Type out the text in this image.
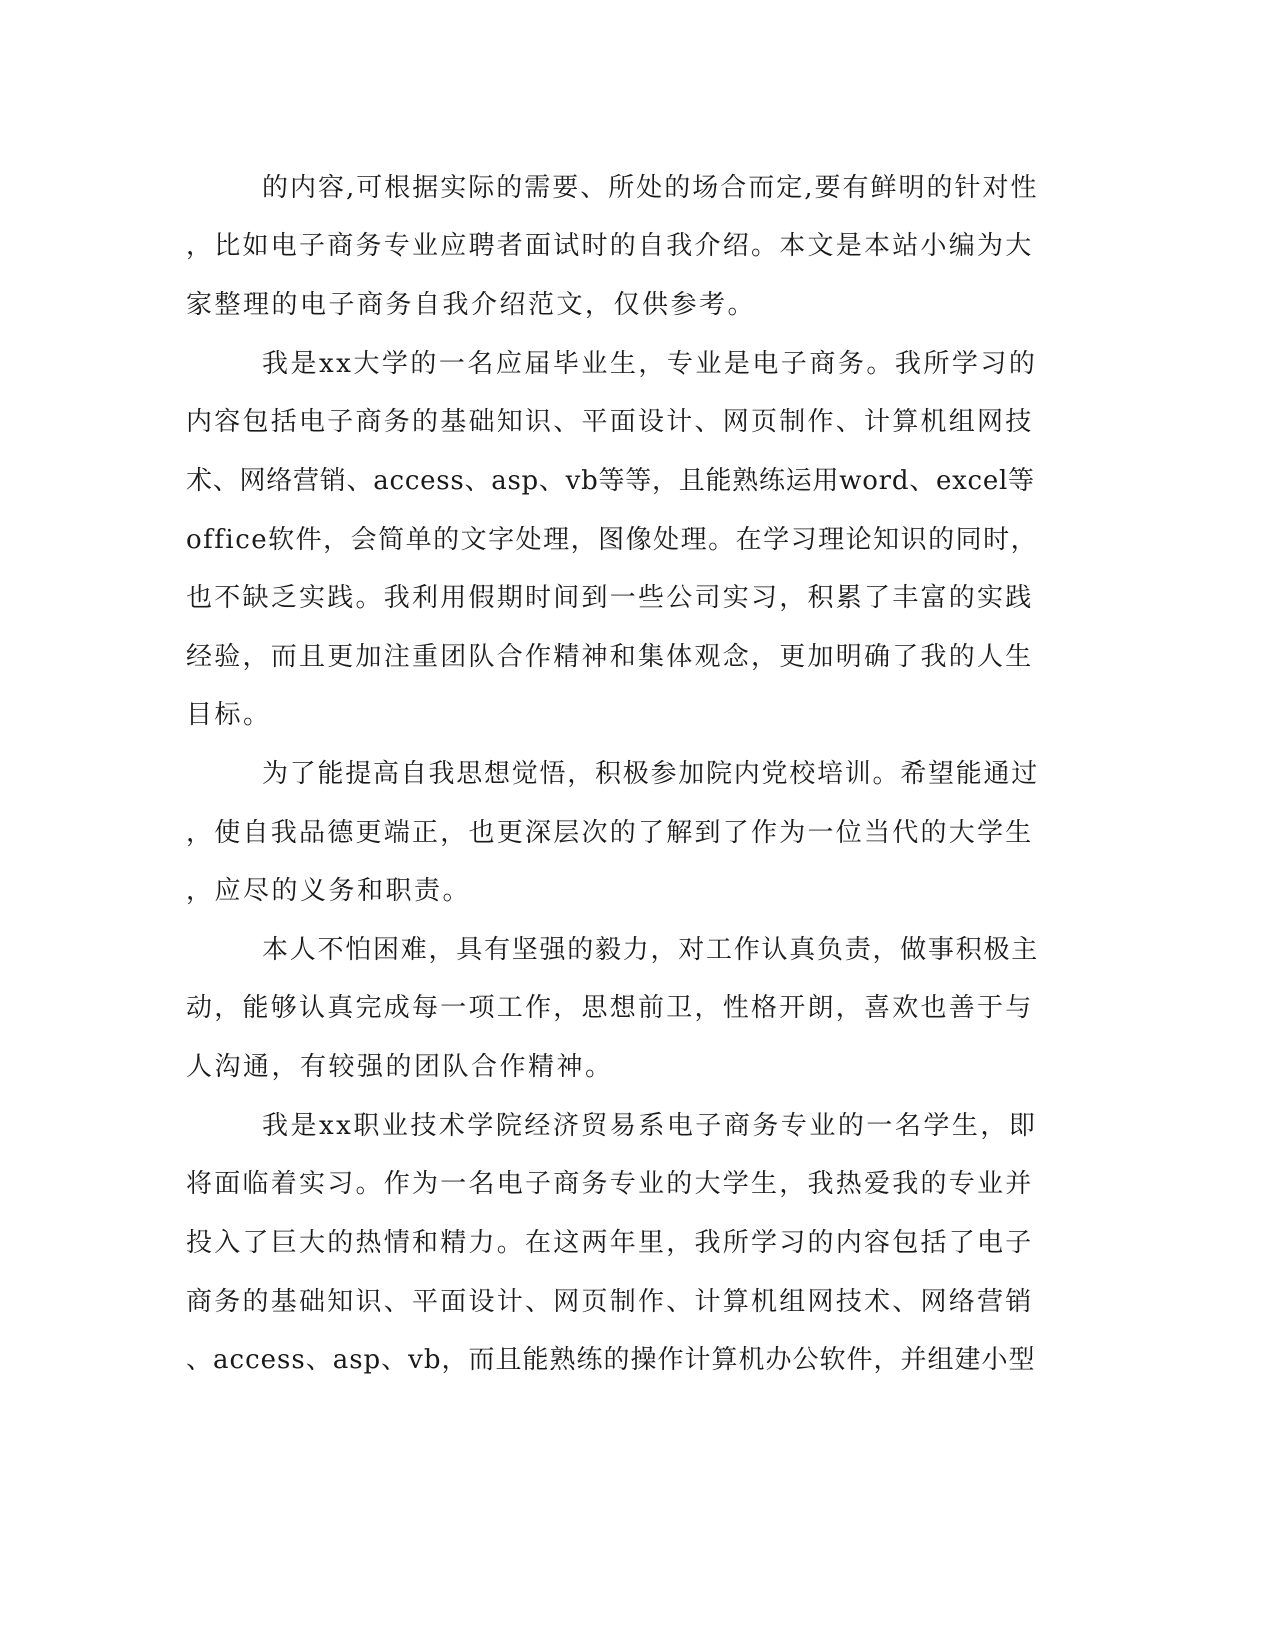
的内容,可根据实际的需要、所处的场合而定,要有鲜明的针对性
，比如电子商务专业应聘者面试时的自我介绍。本文是本站小编为大
家整理的电子商务自我介绍范文，仅供参考。
我是xx大学的一名应届毕业生，专业是电子商务。我所学习的
内容包括电子商务的基础知识、平面设计、网页制作、计算机组网技
术、网络营销、access、asp、vb等等，且能熟练运用word、excel等
office软件，会简单的文字处理，图像处理。在学习理论知识的同时，
也不缺乏实践。我利用假期时间到一些公司实习，积累了丰富的实践
经验，而且更加注重团队合作精神和集体观念，更加明确了我的人生
目标。
为了能提高自我思想觉悟，积极参加院内党校培训。希望能通过
，使自我品德更端正，也更深层次的了解到了作为一位当代的大学生
，应尽的义务和职责。
本人不怕困难，具有坚强的毅力，对工作认真负责，做事积极主
动，能够认真完成每一项工作，思想前卫，性格开朗，喜欢也善于与
人沟通，有较强的团队合作精神。
我是xx职业技术学院经济贸易系电子商务专业的一名学生，即
将面临着实习。作为一名电子商务专业的大学生，我热爱我的专业并
投入了巨大的热情和精力。在这两年里，我所学习的内容包括了电子
商务的基础知识、平面设计、网页制作、计算机组网技术、网络营销
、access、asp、vb，而且能熟练的操作计算机办公软件，并组建小型
